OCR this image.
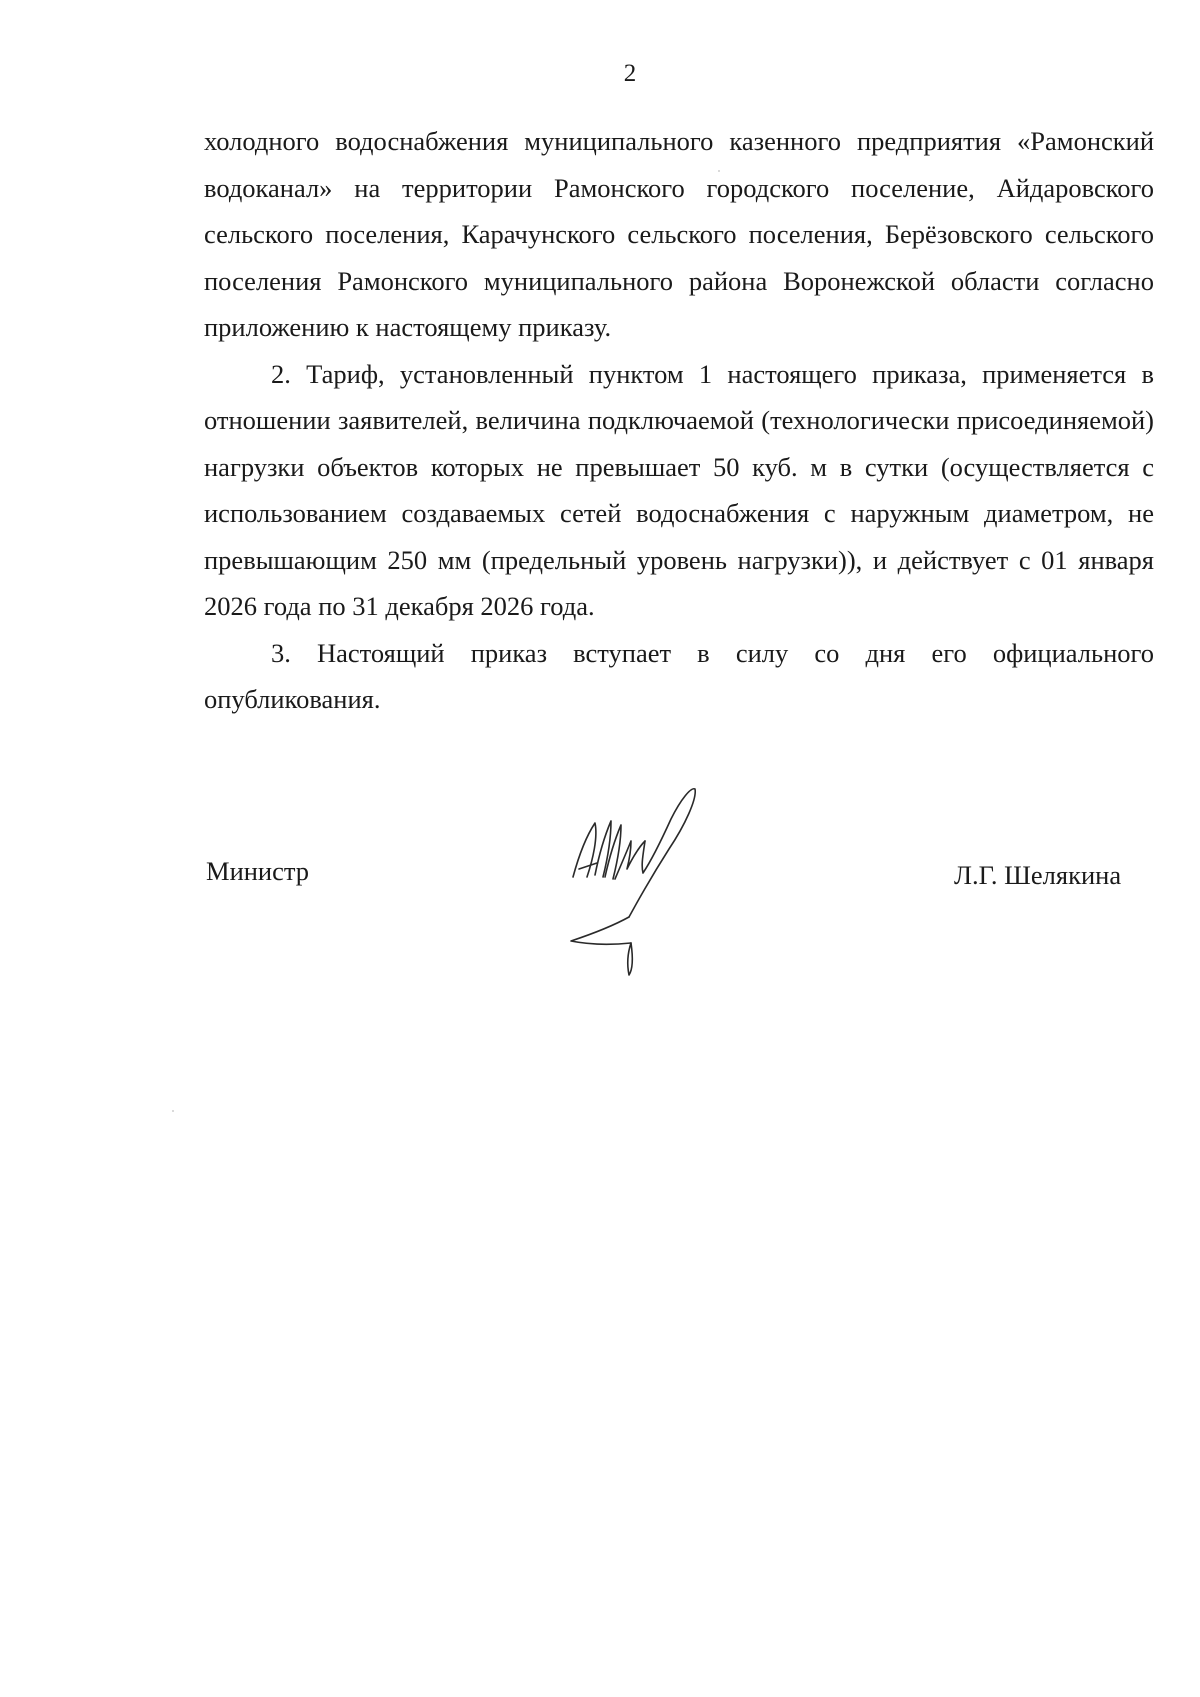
2

холодного водоснабжения муниципального казенного предприятия «Рамонский водоканал» на территории Рамонского городского поселение, Айдаровского сельского поселения, Карачунского сельского поселения, Берёзовского сельского поселения Рамонского муниципального района Воронежской области согласно приложению к настоящему приказу.

2. Тариф, установленный пунктом 1 настоящего приказа, применяется в отношении заявителей, величина подключаемой (технологически присоединяемой) нагрузки объектов которых не превышает 50 куб. м в сутки (осуществляется с использованием создаваемых сетей водоснабжения с наружным диаметром, не превышающим 250 мм (предельный уровень нагрузки)), и действует с 01 января 2026 года по 31 декабря 2026 года.

3. Настоящий приказ вступает в силу со дня его официального опубликования.

Министр	Л.Г. Шелякина
